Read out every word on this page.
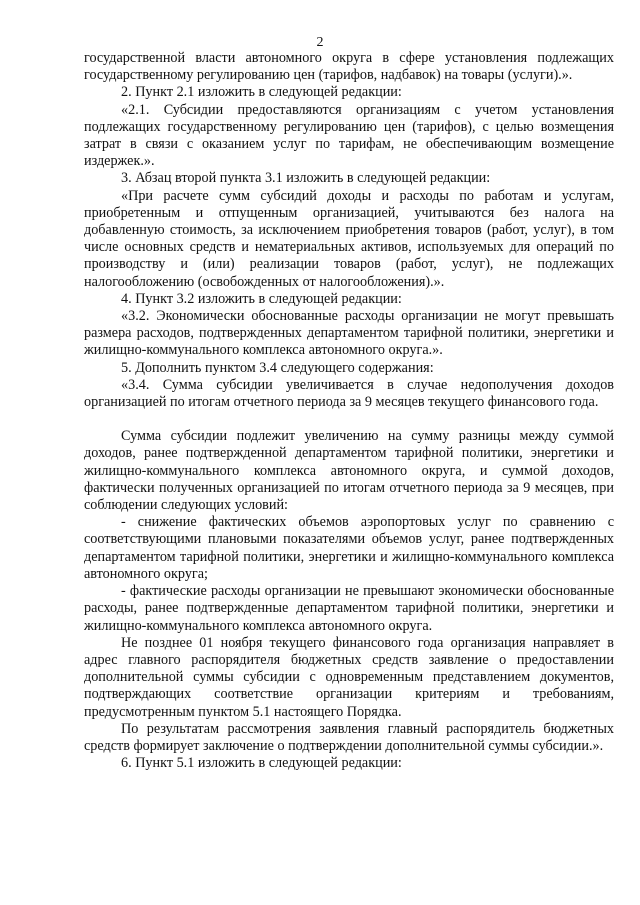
2

государственной власти автономного округа в сфере установления подлежащих государственному регулированию цен (тарифов, надбавок) на товары (услуги).».

2. Пункт 2.1 изложить в следующей редакции:

«2.1. Субсидии предоставляются организациям с учетом установления подлежащих государственному регулированию цен (тарифов), с целью возмещения затрат в связи с оказанием услуг по тарифам, не обеспечивающим возмещение издержек.».

3. Абзац второй пункта 3.1 изложить в следующей редакции:

«При расчете сумм субсидий доходы и расходы по работам и услугам, приобретенным и отпущенным организацией, учитываются без налога на добавленную стоимость, за исключением приобретения товаров (работ, услуг), в том числе основных средств и нематериальных активов, используемых для операций по производству и (или) реализации товаров (работ, услуг), не подлежащих налогообложению (освобожденных от налогообложения).».

4. Пункт 3.2 изложить в следующей редакции:

«3.2. Экономически обоснованные расходы организации не могут превышать размера расходов, подтвержденных департаментом тарифной политики, энергетики и жилищно-коммунального комплекса автономного округа.».

5. Дополнить пунктом 3.4 следующего содержания:

«3.4. Сумма субсидии увеличивается в случае недополучения доходов организацией по итогам отчетного периода за 9 месяцев текущего финансового года.

Сумма субсидии подлежит увеличению на сумму разницы между суммой доходов, ранее подтвержденной департаментом тарифной политики, энергетики и жилищно-коммунального комплекса автономного округа, и суммой доходов, фактически полученных организацией по итогам отчетного периода за 9 месяцев, при соблюдении следующих условий:

- снижение фактических объемов аэропортовых услуг по сравнению с соответствующими плановыми показателями объемов услуг, ранее подтвержденных департаментом тарифной политики, энергетики и жилищно-коммунального комплекса автономного округа;

- фактические расходы организации не превышают экономически обоснованные расходы, ранее подтвержденные департаментом тарифной политики, энергетики и жилищно-коммунального комплекса автономного округа.

Не позднее 01 ноября текущего финансового года организация направляет в адрес главного распорядителя бюджетных средств заявление о предоставлении дополнительной суммы субсидии с одновременным представлением документов, подтверждающих соответствие организации критериям и требованиям, предусмотренным пунктом 5.1 настоящего Порядка.

По результатам рассмотрения заявления главный распорядитель бюджетных средств формирует заключение о подтверждении дополнительной суммы субсидии.».

6. Пункт 5.1 изложить в следующей редакции:
